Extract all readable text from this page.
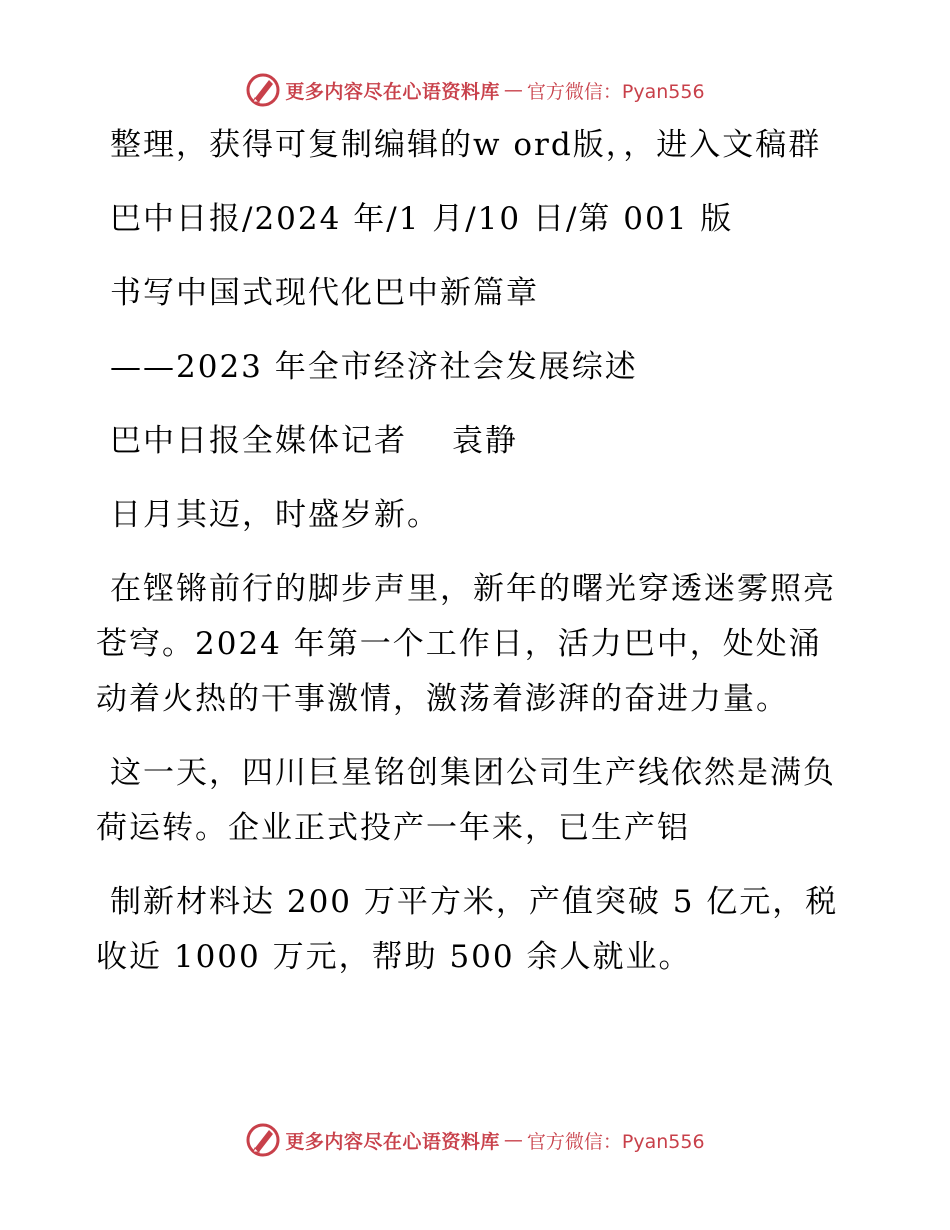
更多内容尽在心语资料库 — 官方微信：Pyan556

整理，获得可复制编辑的w ord版，，进入文稿群

巴中日报/2024 年/1 月/10 日/第 001 版

书写中国式现代化巴中新篇章

——2023 年全市经济社会发展综述

巴中日报全媒体记者　 袁静

日月其迈，时盛岁新。

在铿锵前行的脚步声里，新年的曙光穿透迷雾照亮苍穹。2024 年第一个工作日，活力巴中，处处涌动着火热的干事激情，激荡着澎湃的奋进力量。

这一天，四川巨星铭创集团公司生产线依然是满负荷运转。企业正式投产一年来，已生产铝

制新材料达 200 万平方米，产值突破 5 亿元，税收近 1000 万元，帮助 500 余人就业。

更多内容尽在心语资料库 — 官方微信：Pyan556
